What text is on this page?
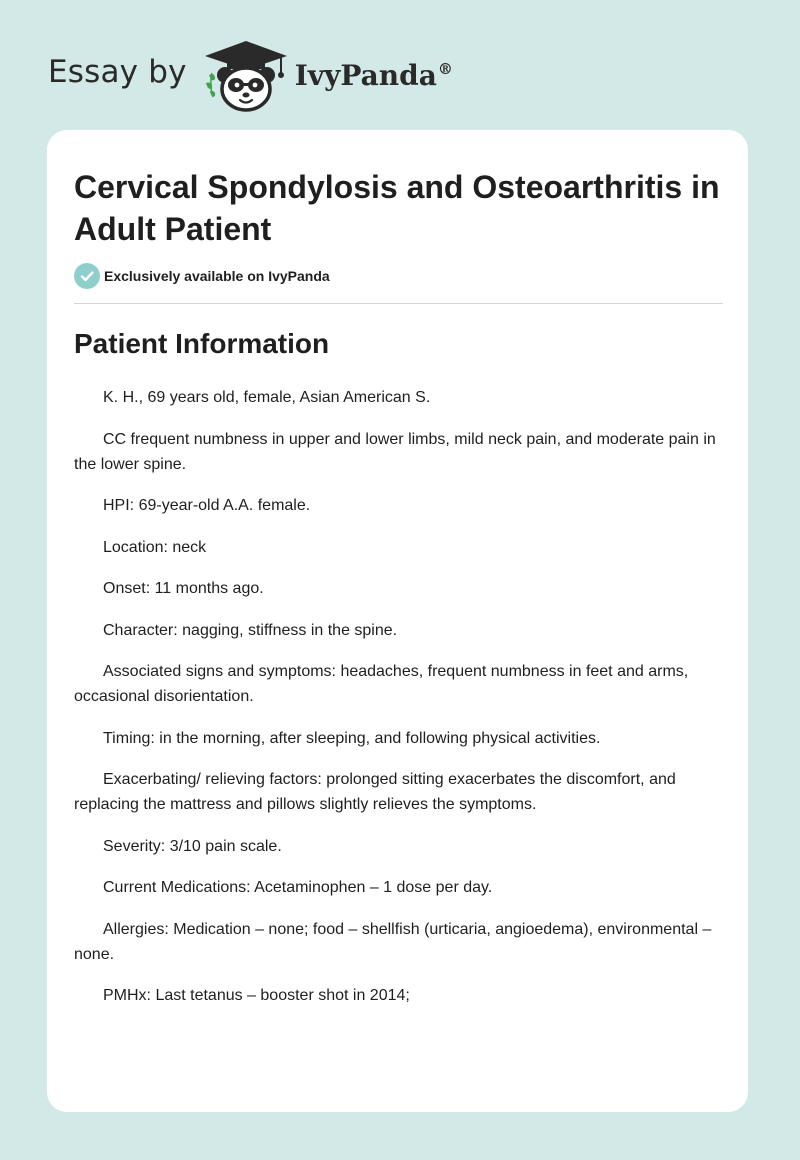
Essay by	IvyPanda®
Cervical Spondylosis and Osteoarthritis in Adult Patient
Exclusively available on IvyPanda
Patient Information

K. H., 69 years old, female, Asian American S.

CC frequent numbness in upper and lower limbs, mild neck pain, and moderate pain in the lower spine.

HPI: 69-year-old A.A. female.

Location: neck

Onset: 11 months ago.

Character: nagging, stiffness in the spine.

Associated signs and symptoms: headaches, frequent numbness in feet and arms, occasional disorientation.

Timing: in the morning, after sleeping, and following physical activities.

Exacerbating/ relieving factors: prolonged sitting exacerbates the discomfort, and replacing the mattress and pillows slightly relieves the symptoms.

Severity: 3/10 pain scale.

Current Medications: Acetaminophen – 1 dose per day.

Allergies: Medication – none; food – shellfish (urticaria, angioedema), environmental – none.

PMHx: Last tetanus – booster shot in 2014;
